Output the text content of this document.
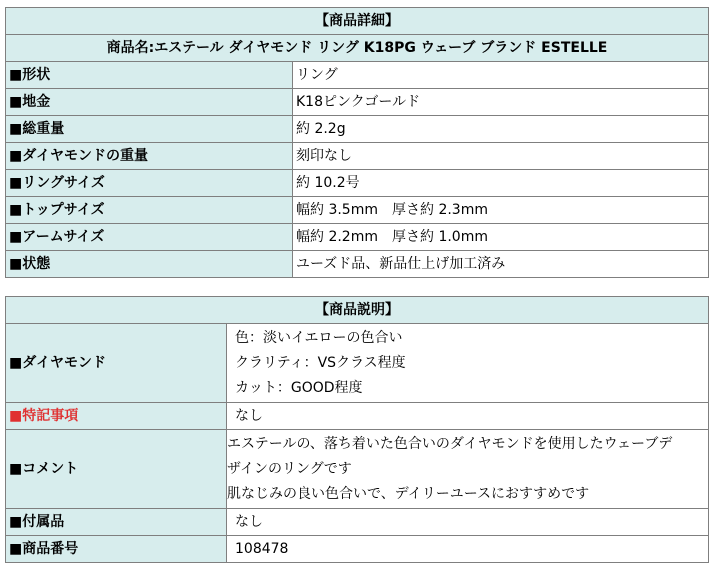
【商品詳細】	
商品名:エステール ダイヤモンド リング K18PG ウェーブ ブランド ESTELLE	
■形状	リング
■地金	K18ピンクゴールド
■総重量	約 2.2g
■ダイヤモンドの重量	刻印なし
■リングサイズ	約 10.2号
■トップサイズ	幅約 3.5mm　厚さ約 2.3mm
■アームサイズ	幅約 2.2mm　厚さ約 1.0mm
■状態	ユーズド品、新品仕上げ加工済み
【商品説明】	
■ダイヤモンド	色：淡いイエローの色合い
クラリティ：VSクラス程度
カット：GOOD程度

■特記事項	なし
■コメント	エステールの、落ち着いた色合いのダイヤモンドを使用したウェーブデ
ザインのリングです
肌なじみの良い色合いで、デイリーユースにおすすめです

■付属品	なし
■商品番号	108478
